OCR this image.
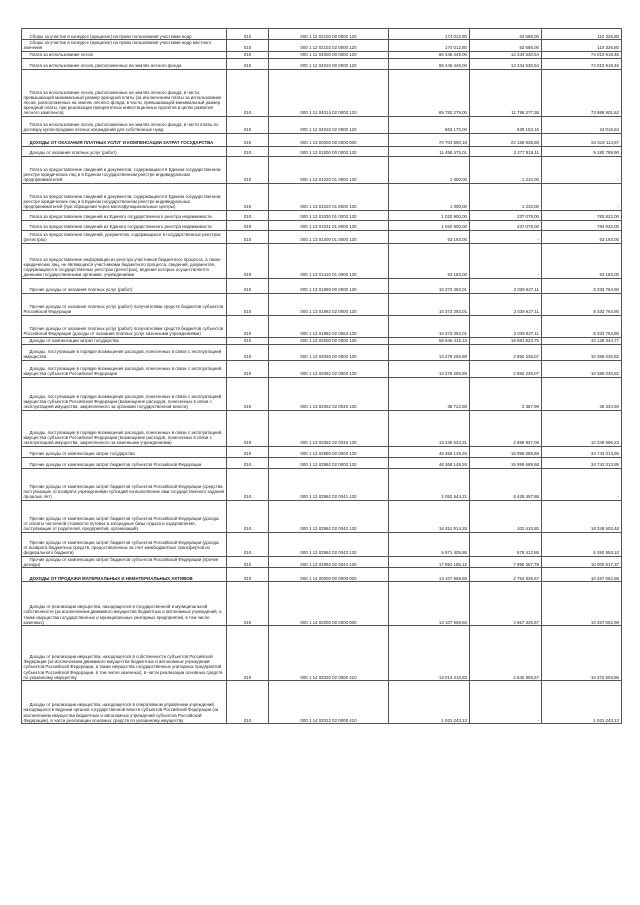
Сборы за участие в конкурсе (аукционе) на право пользования участками недр	010	000 1 12 02100 00 0000 120	174 012,80	63 686,00	110 326,80
Сборы за участие в конкурсе (аукционе) на право пользования участками недр местного значения	010	000 1 12 02102 02 0000 120	174 012,80	63 686,00	110 326,80
Плата за использование лесов	010	000 1 12 04000 00 0000 120	86 446 449,00	12 434 530,54	74 010 918,46
Плата за использование лесов, расположенных на землях лесного фонда	010	000 1 12 04010 00 0000 120	86 446 449,00	12 434 530,54	74 010 918,46
Плата за использование лесов, расположенных на землях лесного фонда, в части, превышающей минимальный размер арендной платы (за исключением платы за использование лесов, расположенных на землях лесного фонда, в части, превышающей минимальный размер арендной платы, при реализации приоритетных инвестиционных проектов в целях развития лесного комплекса)	010	000 1 12 04014 02 0000 120	85 782 279,00	11 795 377,38	73 986 901,62
Плата за использование лесов, расположенных на землях лесного фонда, в части платы по договору купли-продажи лесных насаждений для собственных нужд	010	000 1 12 04015 02 0000 120	663 170,00	639 153,16	24 016,84
ДОХОДЫ ОТ ОКАЗАНИЯ ПЛАТНЫХ УСЛУГ И КОМПЕНСАЦИИ ЗАТРАТ ГОСУДАРСТВА	010	000 1 13 00000 00 0000 000	70 704 890,18	22 189 838,88	54 519 114,87
Доходы от оказания платных услуг (работ)	010	000 1 13 01000 00 0000 130	11 458 475,01	2 277 915,11	9 180 789,90
Плата за предоставление сведений и документов, содержащихся в Едином государственном реестре юридических лиц и в Едином государственном реестре индивидуальных предпринимателей	010	000 1 13 01020 01 0000 130	1 000,00	1 210,00	-
Плата за предоставление сведений и документов, содержащихся в Едином государственном реестре юридических лиц и в Едином государственном реестре индивидуальных предпринимателей (при обращении через многофункциональные центры)	010	000 1 13 01020 01 8000 130	1 000,00	1 210,00	-
Плата за предоставление сведений из Единого государственного реестра недвижимости	010	000 1 13 01030 01 0000 130	1 020 900,00	237 078,00	783 822,00
Плата за предоставление сведений из Единого государственного реестра недвижимости	010	000 1 13 01031 01 8000 130	1 020 900,00	237 078,00	783 822,00
Плата за предоставление сведений, документов, содержащихся в государственных реестрах (регистрах)	010	000 1 13 01400 01 0000 130	63 183,00	-	63 183,00
Плата за предоставление информации из реестра участников бюджетного процесса, а также юридических лиц, не являющихся участниками бюджетного процесса, сведений, документов, содержащихся в государственных реестрах (регистрах), ведение которых осуществляется данными государственными органами, учреждениями	010	000 1 13 01410 01 0000 130	63 183,00	-	63 183,00
Прочие доходы от оказания платных услуг (работ)	010	000 1 13 01990 00 0000 130	10 373 392,01	2 039 627,11	8 333 764,90
Прочие доходы от оказания платных услуг (работ) получателями средств бюджетов субъектов Российской Федерации	010	000 1 13 01992 02 0000 130	10 373 392,01	2 039 627,11	8 333 764,90
Прочие доходы от оказания платных услуг (работ) получателями средств бюджетов субъектов Российской Федерации (доходы от оказания платных услуг казенными учреждениями)	010	000 1 13 01992 02 0063 130	10 373 392,01	2 039 627,11	8 333 764,90
Доходы от компенсации затрат государства	010	000 1 13 02000 00 0000 130	59 646 415,13	19 891 923,75	43 129 344,77
Доходы, поступающие в порядке возмещения расходов, понесенных в связи с эксплуатацией имущества	010	000 1 13 02060 00 0000 130	13 278 265,89	2 892 235,07	10 386 030,82
Доходы, поступающие в порядке возмещения расходов, понесенных в связи с эксплуатацией имущества субъектов Российской Федерации	010	000 1 13 02062 02 0000 130	13 278 265,89	2 892 235,07	10 386 030,82
Доходы, поступающие в порядке возмещения расходов, понесенных в связи с эксплуатацией имущества субъектов Российской Федерации (возмещение расходов, понесенных в связи с эксплуатацией имущества, закрепленного за органами государственной власти)	010	000 1 13 02062 02 0045 130	38 722,58	2 387,99	36 334,59
Доходы, поступающие в порядке возмещения расходов, понесенных в связи с эксплуатацией имущества субъектов Российской Федерации (возмещение расходов, понесенных в связи с эксплуатацией имущества, закрепленного за казенными учреждениями)	010	000 1 13 02062 02 0046 130	13 239 543,31	2 889 847,08	10 349 696,23
Прочие доходы от компенсации затрат государства	010	000 1 13 02990 00 0000 130	46 368 149,26	16 999 688,68	34 743 313,95
Прочие доходы от компенсации затрат бюджетов субъектов Российской Федерации	010	000 1 13 02992 02 0000 130	46 368 149,26	16 999 688,68	34 743 313,95
Прочие доходы от компенсации затрат бюджетов субъектов Российской Федерации (средства, поступающие от возврата учреждениями субсидий на выполнение ими государственного задания прошлых лет)	010	000 1 13 02992 02 0041 130	2 053 644,21	8 428 497,88	-
Прочие доходы от компенсации затрат бюджетов субъектов Российской Федерации (доходы от оплаты частичной стоимости путевок в загородные базы отдыха и оздоровления, поступающие от родителей, предприятий, организаций)	010	000 1 13 02992 02 0042 130	18 451 914,28	102 410,80	18 349 503,48
Прочие доходы от компенсации затрат бюджетов субъектов Российской Федерации (доходы от возврата бюджетных средств, предоставленных за счет межбюджетных трансфертов из федерального бюджета)	010	000 1 13 02992 02 0043 130	6 971 405,86	578 412,86	6 392 993,10
Прочие доходы от компенсации затрат бюджетов субъектов Российской Федерации (прочие доходы)	010	000 1 13 02992 02 0044 130	17 891 185,12	7 890 367,78	10 000 817,37
ДОХОДЫ ОТ ПРОДАЖИ МАТЕРИАЛЬНЫХ И НЕМАТЕРИАЛЬНЫХ АКТИВОВ	010	000 1 14 00000 00 0000 000	13 107 969,65	2 754 935,67	10 467 062,98
Доходы от реализации имущества, находящегося в государственной и муниципальной собственности (за исключением движимого имущества бюджетных и автономных учреждений, а также имущества государственных и муниципальных унитарных предприятий, в том числе казенных)	010	000 1 14 02000 00 0000 000	13 107 969,65	2 667 335,67	10 467 062,98
Доходы от реализации имущества, находящегося в собственности субъектов Российской Федерации (за исключением движимого имущества бюджетных и автономных учреждений субъектов Российской Федерации, а также имущества государственных унитарных предприятий субъектов Российской Федерации, в том числе казенных), в части реализации основных средств по указанному имуществу	010	000 1 14 02020 02 0000 410	13 013 410,83	2 640 906,67	10 372 503,96
Доходы от реализации имущества, находящегося в оперативном управлении учреждений, находящихся в ведении органов государственной власти субъектов Российской Федерации (за исключением имущества бюджетных и автономных учреждений субъектов Российской Федерации), в части реализации основных средств по указанному имуществу	010	000 1 14 02022 02 0000 410	1 931 243,13	-	1 931 243,13
